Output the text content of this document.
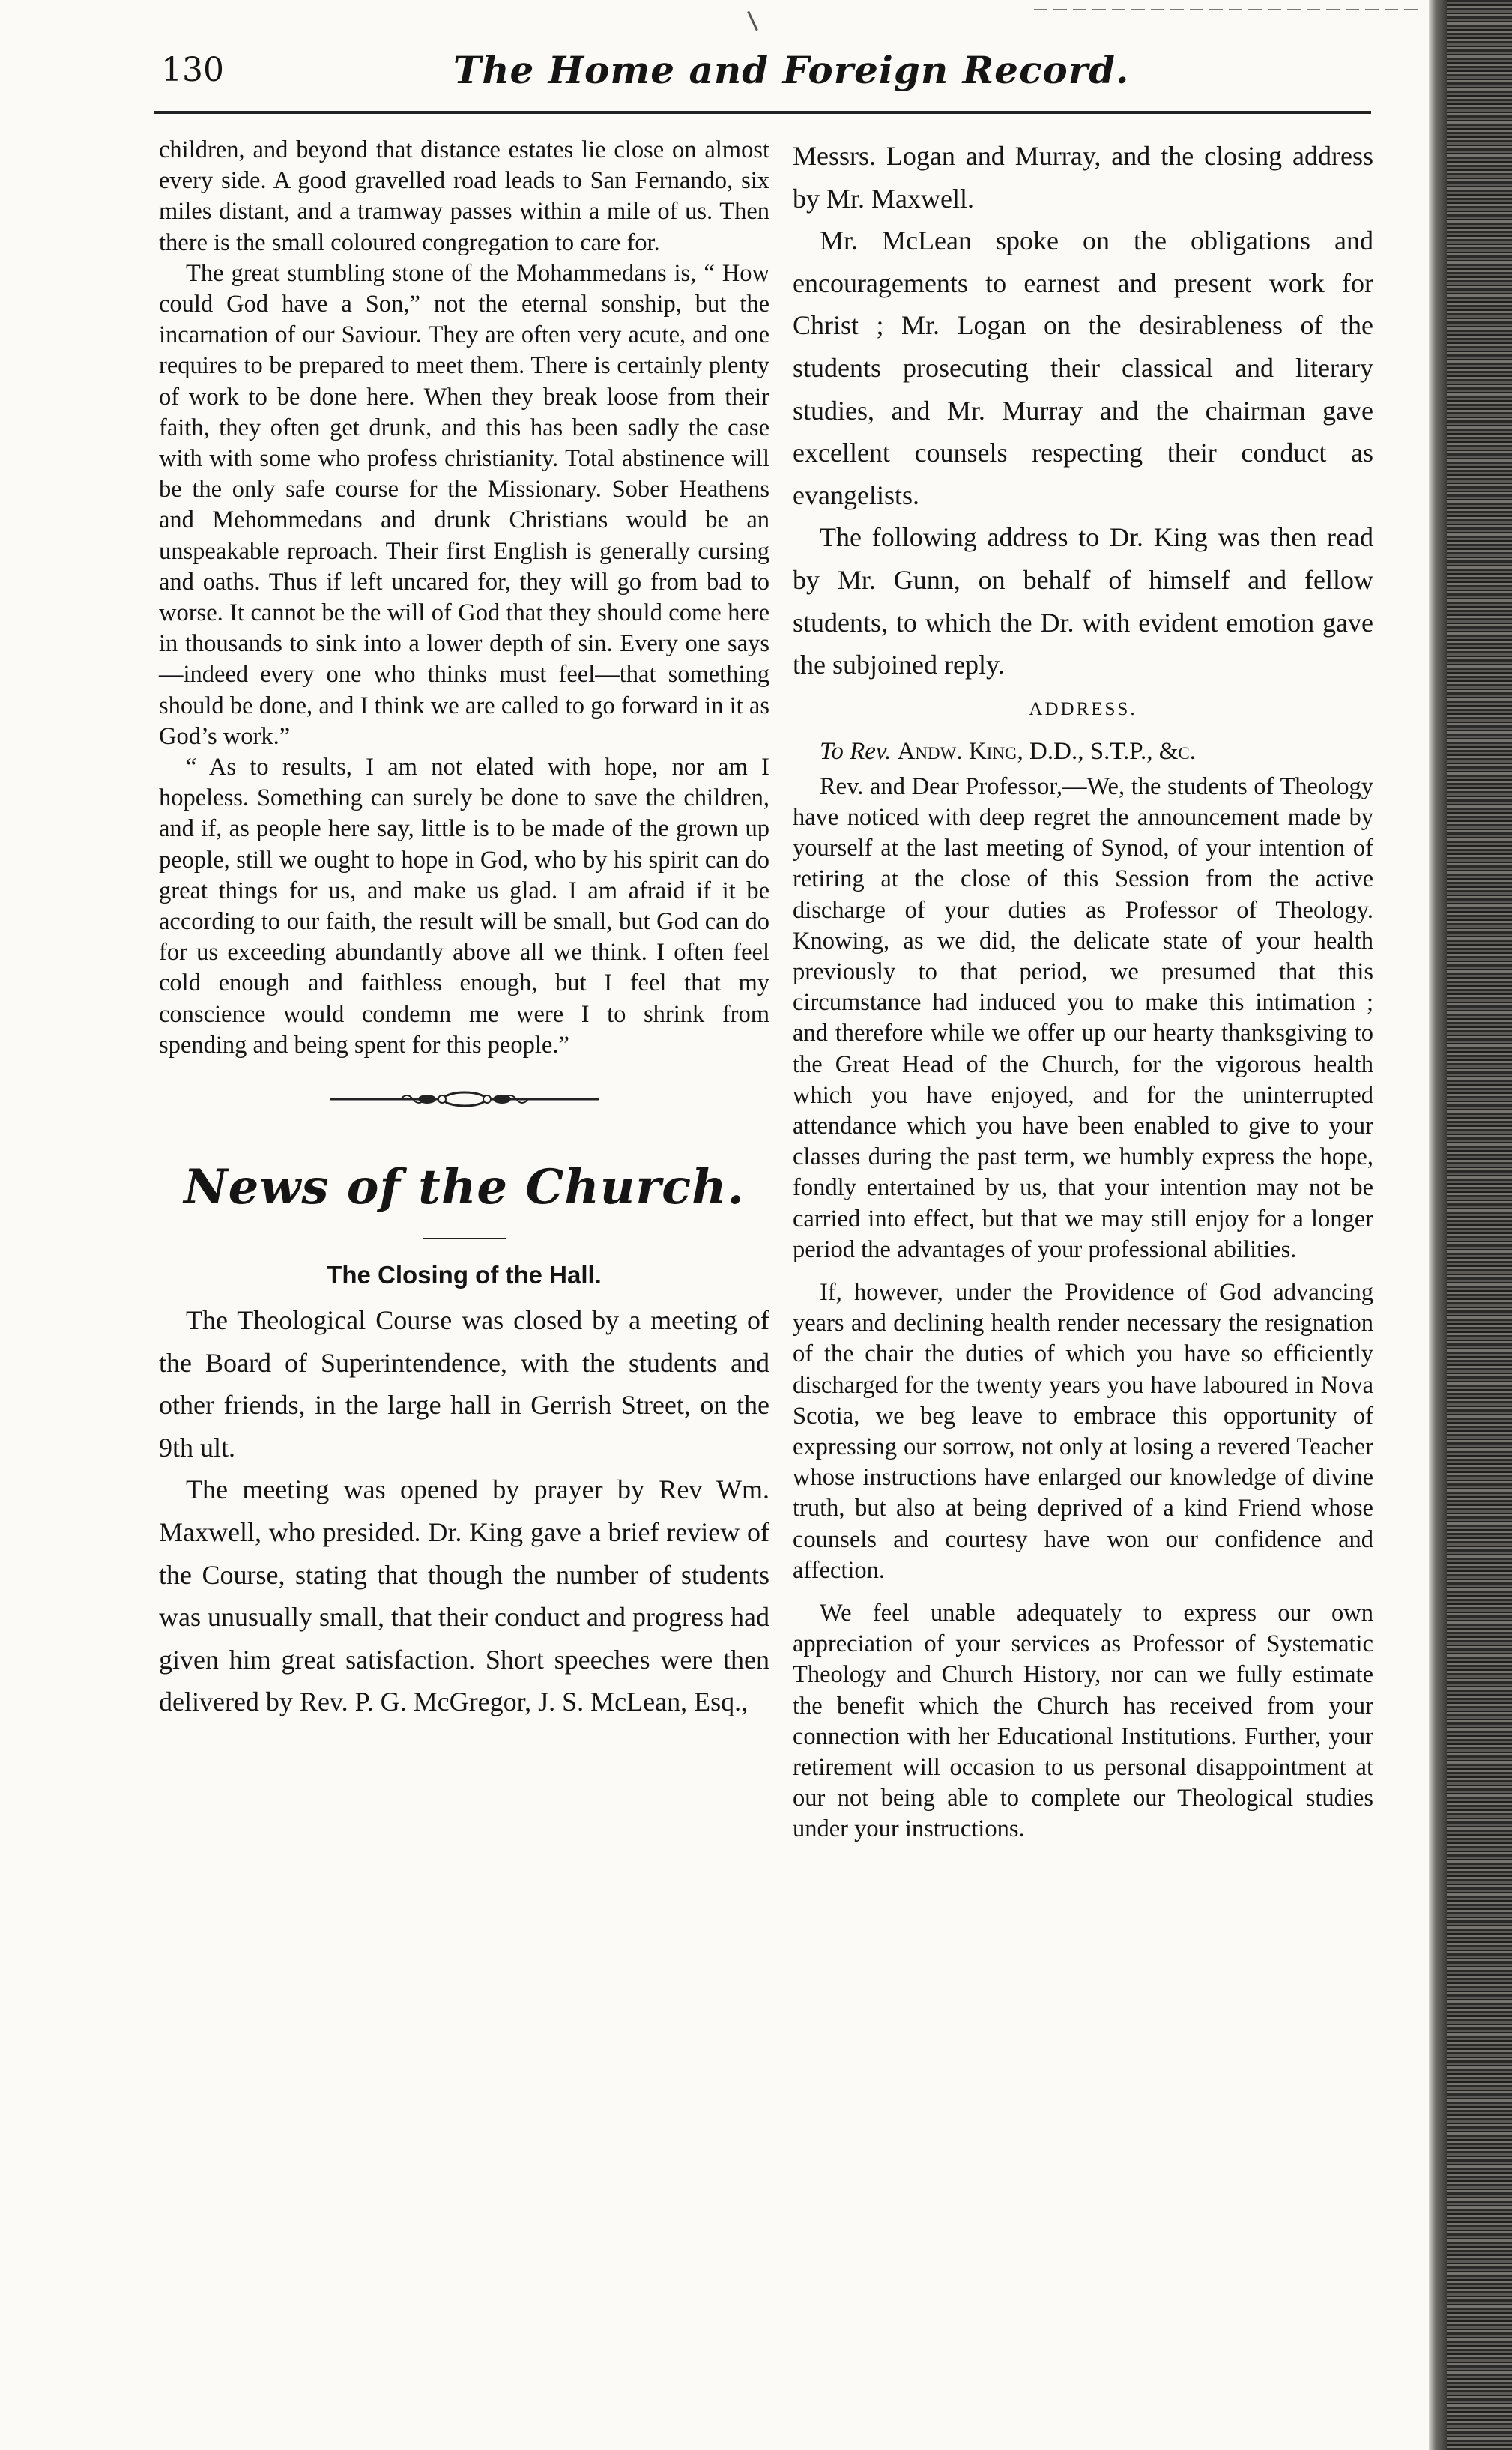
130	The Home and Foreign Record.

children, and beyond that distance estates lie close on almost every side. A good gravelled road leads to San Fernando, six miles distant, and a tramway passes within a mile of us. Then there is the small coloured congregation to care for.

The great stumbling stone of the Mohammedans is, “ How could God have a Son,” not the eternal sonship, but the incarnation of our Saviour. They are often very acute, and one requires to be prepared to meet them. There is certainly plenty of work to be done here. When they break loose from their faith, they often get drunk, and this has been sadly the case with with some who profess christianity. Total abstinence will be the only safe course for the Missionary. Sober Heathens and Mehommedans and drunk Christians would be an unspeakable reproach. Their first English is generally cursing and oaths. Thus if left uncared for, they will go from bad to worse. It cannot be the will of God that they should come here in thousands to sink into a lower depth of sin. Every one says—indeed every one who thinks must feel—that something should be done, and I think we are called to go forward in it as God’s work.”

“ As to results, I am not elated with hope, nor am I hopeless. Something can surely be done to save the children, and if, as people here say, little is to be made of the grown up people, still we ought to hope in God, who by his spirit can do great things for us, and make us glad. I am afraid if it be according to our faith, the result will be small, but God can do for us exceeding abundantly above all we think. I often feel cold enough and faithless enough, but I feel that my conscience would condemn me were I to shrink from spending and being spent for this people.”

News of the Church.

The Closing of the Hall.

The Theological Course was closed by a meeting of the Board of Superintendence, with the students and other friends, in the large hall in Gerrish Street, on the 9th ult.

The meeting was opened by prayer by Rev Wm. Maxwell, who presided. Dr. King gave a brief review of the Course, stating that though the number of students was unusually small, that their conduct and progress had given him great satisfaction. Short speeches were then delivered by Rev. P. G. McGregor, J. S. McLean, Esq.,

Messrs. Logan and Murray, and the closing address by Mr. Maxwell.

Mr. McLean spoke on the obligations and encouragements to earnest and present work for Christ ; Mr. Logan on the desirableness of the students prosecuting their classical and literary studies, and Mr. Murray and the chairman gave excellent counsels respecting their conduct as evangelists.

The following address to Dr. King was then read by Mr. Gunn, on behalf of himself and fellow students, to which the Dr. with evident emotion gave the subjoined reply.

ADDRESS.

To Rev. Andw. King, D.D., S.T.P., &c.

Rev. and Dear Professor,—We, the students of Theology have noticed with deep regret the announcement made by yourself at the last meeting of Synod, of your intention of retiring at the close of this Session from the active discharge of your duties as Professor of Theology. Knowing, as we did, the delicate state of your health previously to that period, we presumed that this circumstance had induced you to make this intimation ; and therefore while we offer up our hearty thanksgiving to the Great Head of the Church, for the vigorous health which you have enjoyed, and for the uninterrupted attendance which you have been enabled to give to your classes during the past term, we humbly express the hope, fondly entertained by us, that your intention may not be carried into effect, but that we may still enjoy for a longer period the advantages of your professional abilities.

If, however, under the Providence of God advancing years and declining health render necessary the resignation of the chair the duties of which you have so efficiently discharged for the twenty years you have laboured in Nova Scotia, we beg leave to embrace this opportunity of expressing our sorrow, not only at losing a revered Teacher whose instructions have enlarged our knowledge of divine truth, but also at being deprived of a kind Friend whose counsels and courtesy have won our confidence and affection.

We feel unable adequately to express our own appreciation of your services as Professor of Systematic Theology and Church History, nor can we fully estimate the benefit which the Church has received from your connection with her Educational Institutions. Further, your retirement will occasion to us personal disappointment at our not being able to complete our Theological studies under your instructions.
